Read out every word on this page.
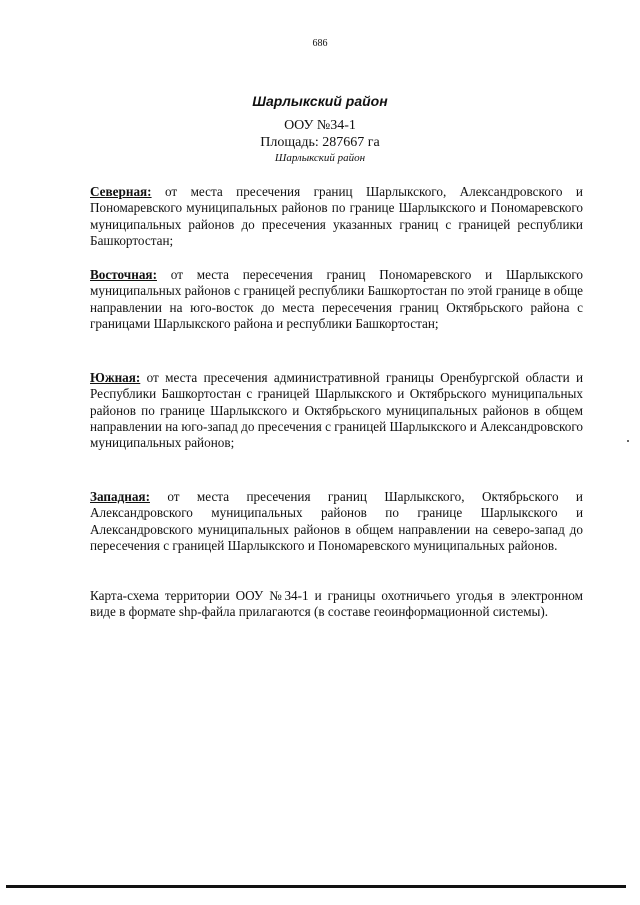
686
Шарлыкский район
ООУ №34-1
Площадь: 287667 га
Шарлыкский район

Северная: от места пресечения границ Шарлыкского, Александровского и Пономаревского муниципальных районов по границе Шарлыкского и Пономаревского муниципальных районов до пресечения указанных границ с границей республики Башкортостан;

Восточная: от места пересечения границ Пономаревского и Шарлыкского муниципальных районов с границей республики Башкортостан по этой границе в обще направлении на юго-восток до места пересечения границ Октябрьского района с границами Шарлыкского района и республики Башкортостан;

Южная: от места пресечения административной границы Оренбургской области и Республики Башкортостан с границей Шарлыкского и Октябрьского муниципальных районов по границе Шарлыкского и Октябрьского муниципальных районов в общем направлении на юго-запад до пресечения с границей Шарлыкского и Александровского муниципальных районов;

Западная: от места пресечения границ Шарлыкского, Октябрьского и Александровского муниципальных районов по границе Шарлыкского и Александровского муниципальных районов в общем направлении на северо-запад до пересечения с границей Шарлыкского и Пономаревского муниципальных районов.

Карта-схема территории ООУ №34-1 и границы охотничьего угодья в электронном виде в формате shp-файла прилагаются (в составе геоинформационной системы).
